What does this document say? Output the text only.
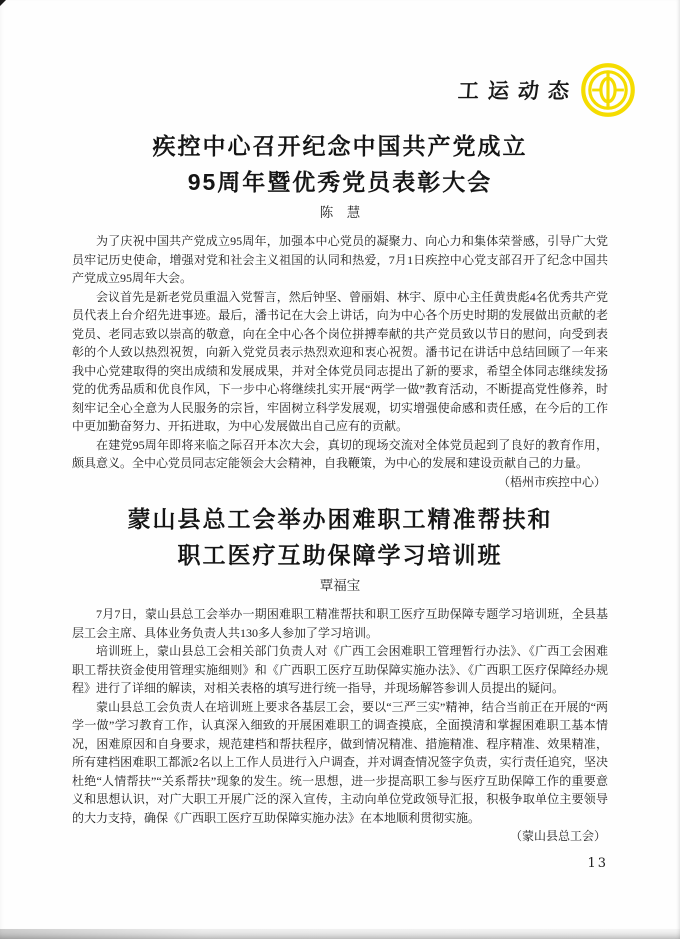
工运动态
疾控中心召开纪念中国共产党成立
95周年暨优秀党员表彰大会
陈　慧

为了庆祝中国共产党成立95周年，加强本中心党员的凝聚力、向心力和集体荣誉感，引导广大党员牢记历史使命，增强对党和社会主义祖国的认同和热爱，7月1日疾控中心党支部召开了纪念中国共产党成立95周年大会。

会议首先是新老党员重温入党誓言，然后钟坚、曾丽娟、林宇、原中心主任黄贵彪4名优秀共产党员代表上台介绍先进事迹。最后，潘书记在大会上讲话，向为中心各个历史时期的发展做出贡献的老党员、老同志致以崇高的敬意，向在全中心各个岗位拼搏奉献的共产党员致以节日的慰问，向受到表彰的个人致以热烈祝贺，向新入党党员表示热烈欢迎和衷心祝贺。潘书记在讲话中总结回顾了一年来我中心党建取得的突出成绩和发展成果，并对全体党员同志提出了新的要求，希望全体同志继续发扬党的优秀品质和优良作风，下一步中心将继续扎实开展“两学一做”教育活动，不断提高党性修养，时刻牢记全心全意为人民服务的宗旨，牢固树立科学发展观，切实增强使命感和责任感，在今后的工作中更加勤奋努力、开拓进取，为中心发展做出自己应有的贡献。

在建党95周年即将来临之际召开本次大会，真切的现场交流对全体党员起到了良好的教育作用，颇具意义。全中心党员同志定能领会大会精神，自我鞭策，为中心的发展和建设贡献自己的力量。

（梧州市疾控中心）
蒙山县总工会举办困难职工精准帮扶和
职工医疗互助保障学习培训班
覃福宝

7月7日，蒙山县总工会举办一期困难职工精准帮扶和职工医疗互助保障专题学习培训班，全县基层工会主席、具体业务负责人共130多人参加了学习培训。

培训班上，蒙山县总工会相关部门负责人对《广西工会困难职工管理暂行办法》、《广西工会困难职工帮扶资金使用管理实施细则》和《广西职工医疗互助保障实施办法》、《广西职工医疗保障经办规程》进行了详细的解读，对相关表格的填写进行统一指导，并现场解答参训人员提出的疑问。

蒙山县总工会负责人在培训班上要求各基层工会，要以“三严三实”精神，结合当前正在开展的“两学一做”学习教育工作，认真深入细致的开展困难职工的调查摸底，全面摸清和掌握困难职工基本情况，困难原因和自身要求，规范建档和帮扶程序，做到情况精准、措施精准、程序精准、效果精准，所有建档困难职工都派2名以上工作人员进行入户调查，并对调查情况签字负责，实行责任追究，坚决杜绝“人情帮扶”“关系帮扶”现象的发生。统一思想，进一步提高职工参与医疗互助保障工作的重要意义和思想认识，对广大职工开展广泛的深入宣传，主动向单位党政领导汇报，积极争取单位主要领导的大力支持，确保《广西职工医疗互助保障实施办法》在本地顺利贯彻实施。

（蒙山县总工会）
13
